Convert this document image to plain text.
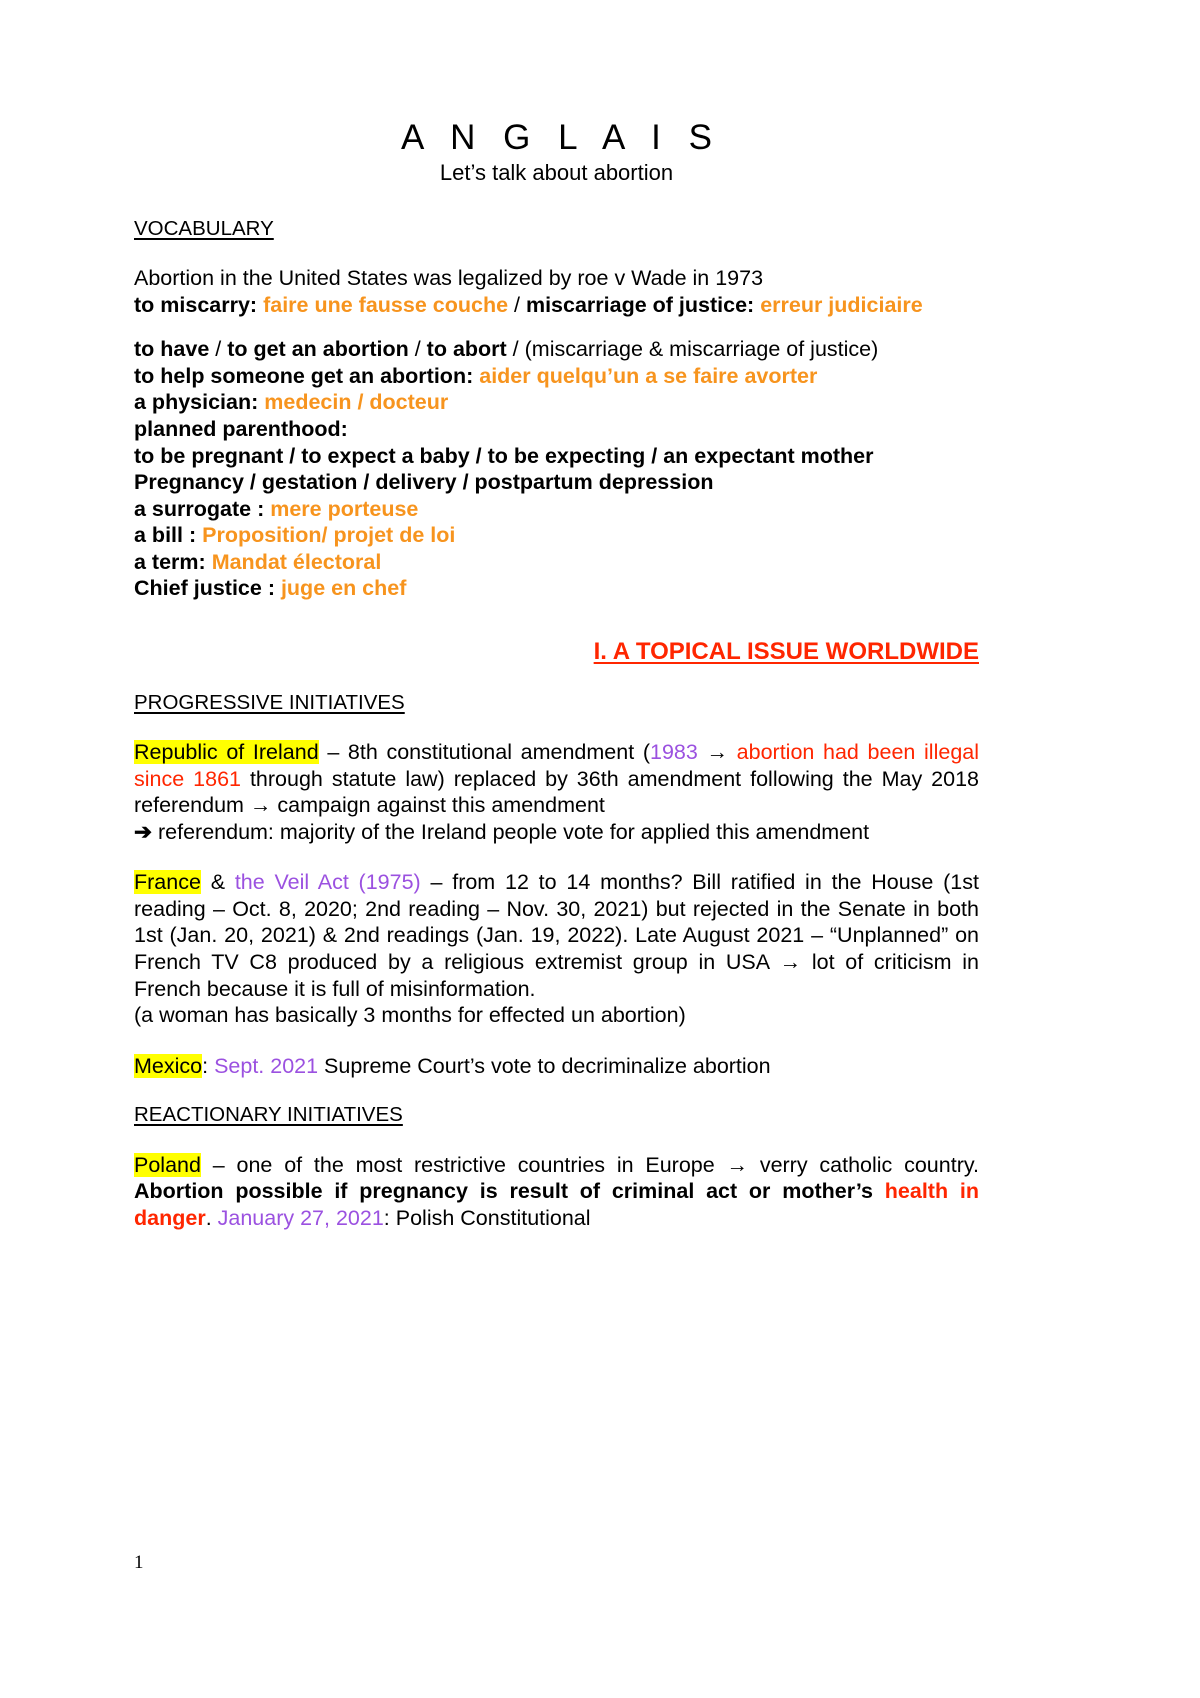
A N G L A I S
Let’s talk about abortion
VOCABULARY

Abortion in the United States was legalized by roe v Wade in 1973

to miscarry: faire une fausse couche / miscarriage of justice: erreur judiciaire

to have / to get an abortion / to abort / (miscarriage & miscarriage of justice)

to help someone get an abortion: aider quelqu’un a se faire avorter

a physician: medecin / docteur

planned parenthood:

to be pregnant / to expect a baby / to be expecting / an expectant mother

Pregnancy / gestation / delivery / postpartum depression

a surrogate : mere porteuse

a bill : Proposition/ projet de loi

a term: Mandat électoral

Chief justice : juge en chef

I. A TOPICAL ISSUE WORLDWIDE
PROGRESSIVE INITIATIVES

Republic of Ireland – 8th constitutional amendment (1983 → abortion had been illegal since 1861 through statute law) replaced by 36th amendment following the May 2018 referendum → campaign against this amendment

➔ referendum: majority of the Ireland people vote for applied this amendment

France & the Veil Act (1975) – from 12 to 14 months? Bill ratified in the House (1st reading – Oct. 8, 2020; 2nd reading – Nov. 30, 2021) but rejected in the Senate in both 1st (Jan. 20, 2021) & 2nd readings (Jan. 19, 2022). Late August 2021 – “Unplanned” on French TV C8 produced by a religious extremist group in USA → lot of criticism in French because it is full of misinformation.

(a woman has basically 3 months for effected un abortion)

Mexico: Sept. 2021 Supreme Court’s vote to decriminalize abortion

REACTIONARY INITIATIVES

Poland – one of the most restrictive countries in Europe → verry catholic country. Abortion possible if pregnancy is result of criminal act or mother’s health in danger. January 27, 2021: Polish Constitutional

1
